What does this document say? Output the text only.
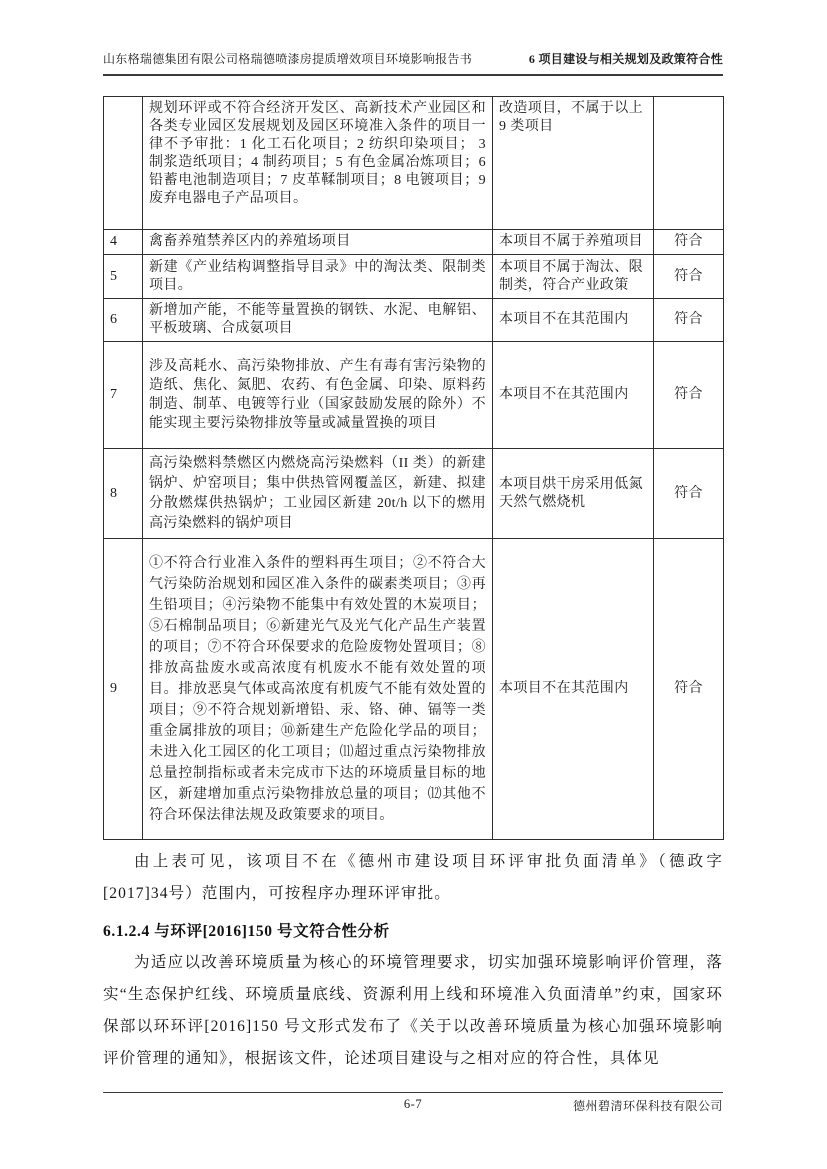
山东格瑞德集团有限公司格瑞德喷漆房提质增效项目环境影响报告书	6 项目建设与相关规划及政策符合性
	规划环评或不符合经济开发区、高新技术产业园区和各类专业园区发展规划及园区环境准入条件的项目一律不予审批：1 化工石化项目；2 纺织印染项目； 3 制浆造纸项目；4 制药项目；5 有色金属冶炼项目；6 铅蓄电池制造项目；7 皮革鞣制项目；8 电镀项目；9 废弃电器电子产品项目。	改造项目，不属于以上 9 类项目	
4	禽畜养殖禁养区内的养殖场项目	本项目不属于养殖项目	符合
5	新建《产业结构调整指导目录》中的淘汰类、限制类项目。	本项目不属于淘汰、限制类，符合产业政策	符合
6	新增加产能，不能等量置换的钢铁、水泥、电解铝、平板玻璃、合成氨项目	本项目不在其范围内	符合
7	涉及高耗水、高污染物排放、产生有毒有害污染物的造纸、焦化、氮肥、农药、有色金属、印染、原料药制造、制革、电镀等行业（国家鼓励发展的除外）不能实现主要污染物排放等量或减量置换的项目	本项目不在其范围内	符合
8	高污染燃料禁燃区内燃烧高污染燃料（II 类）的新建锅炉、炉窑项目；集中供热管网覆盖区，新建、拟建分散燃煤供热锅炉；工业园区新建 20t/h 以下的燃用高污染燃料的锅炉项目	本项目烘干房采用低氮天然气燃烧机	符合
9	①不符合行业准入条件的塑料再生项目；②不符合大气污染防治规划和园区准入条件的碳素类项目；③再生铅项目；④污染物不能集中有效处置的木炭项目；⑤石棉制品项目；⑥新建光气及光气化产品生产装置的项目；⑦不符合环保要求的危险废物处置项目；⑧排放高盐废水或高浓度有机废水不能有效处置的项目。排放恶臭气体或高浓度有机废气不能有效处置的项目；⑨不符合规划新增铅、汞、铬、砷、镉等一类重金属排放的项目；⑩新建生产危险化学品的项目；未进入化工园区的化工项目；⑾超过重点污染物排放总量控制指标或者未完成市下达的环境质量目标的地区，新建增加重点污染物排放总量的项目；⑿其他不符合环保法律法规及政策要求的项目。	本项目不在其范围内	符合

由上表可见，该项目不在《德州市建设项目环评审批负面清单》（德政字[2017]34号）范围内，可按程序办理环评审批。

6.1.2.4 与环评[2016]150 号文符合性分析

为适应以改善环境质量为核心的环境管理要求，切实加强环境影响评价管理，落实“生态保护红线、环境质量底线、资源利用上线和环境准入负面清单”约束，国家环保部以环环评[2016]150 号文形式发布了《关于以改善环境质量为核心加强环境影响评价管理的通知》，根据该文件，论述项目建设与之相对应的符合性，具体见

6-7	德州碧清环保科技有限公司
